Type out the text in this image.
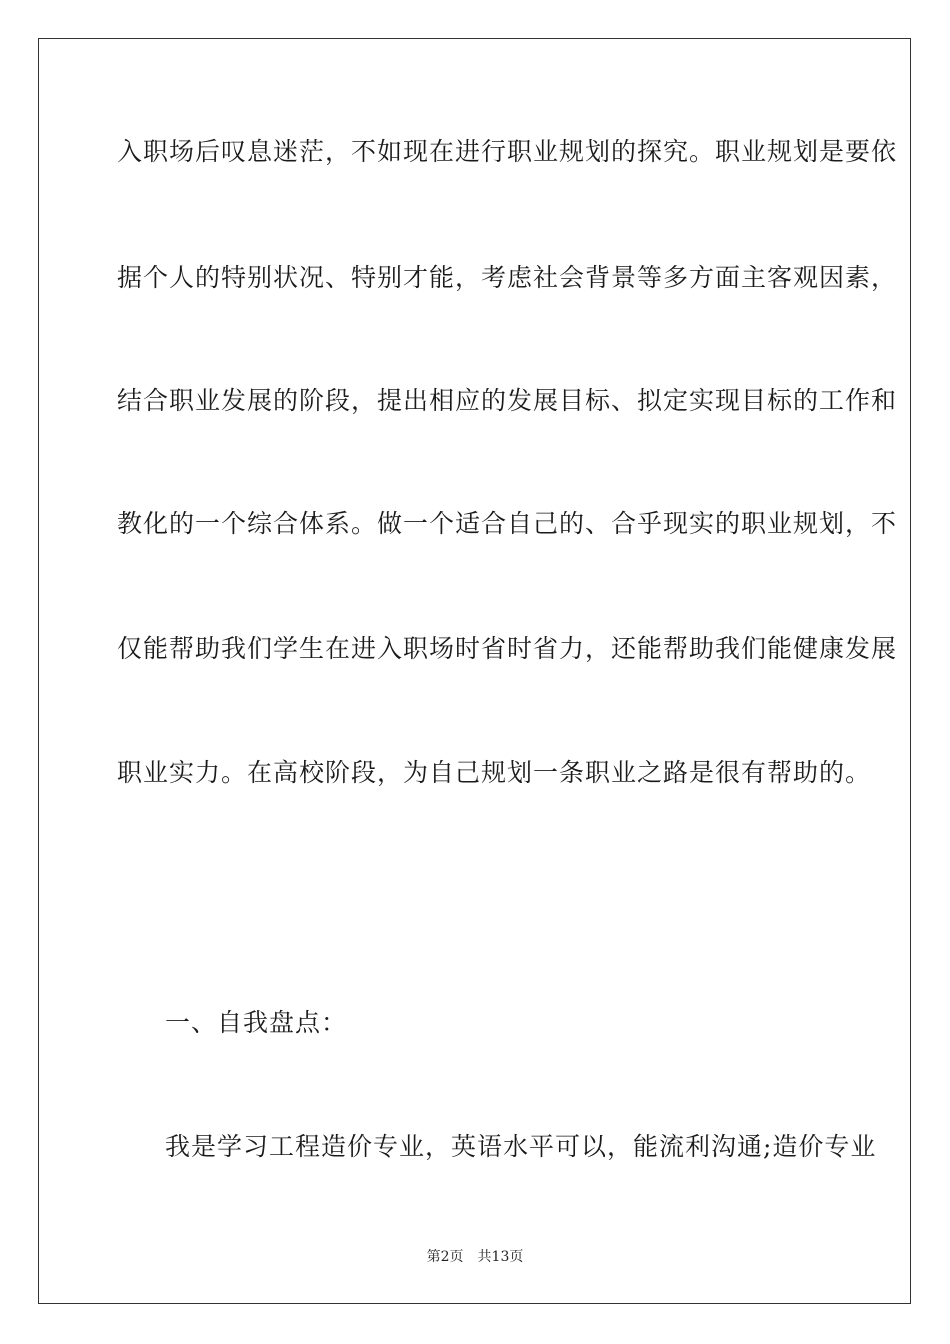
入职场后叹息迷茫，不如现在进行职业规划的探究。职业规划是要依
据个人的特别状况、特别才能，考虑社会背景等多方面主客观因素，
结合职业发展的阶段，提出相应的发展目标、拟定实现目标的工作和
教化的一个综合体系。做一个适合自己的、合乎现实的职业规划，不
仅能帮助我们学生在进入职场时省时省力，还能帮助我们能健康发展
职业实力。在高校阶段，为自己规划一条职业之路是很有帮助的。
一、自我盘点：
我是学习工程造价专业，英语水平可以，能流利沟通;造价专业
第2页 共13页
